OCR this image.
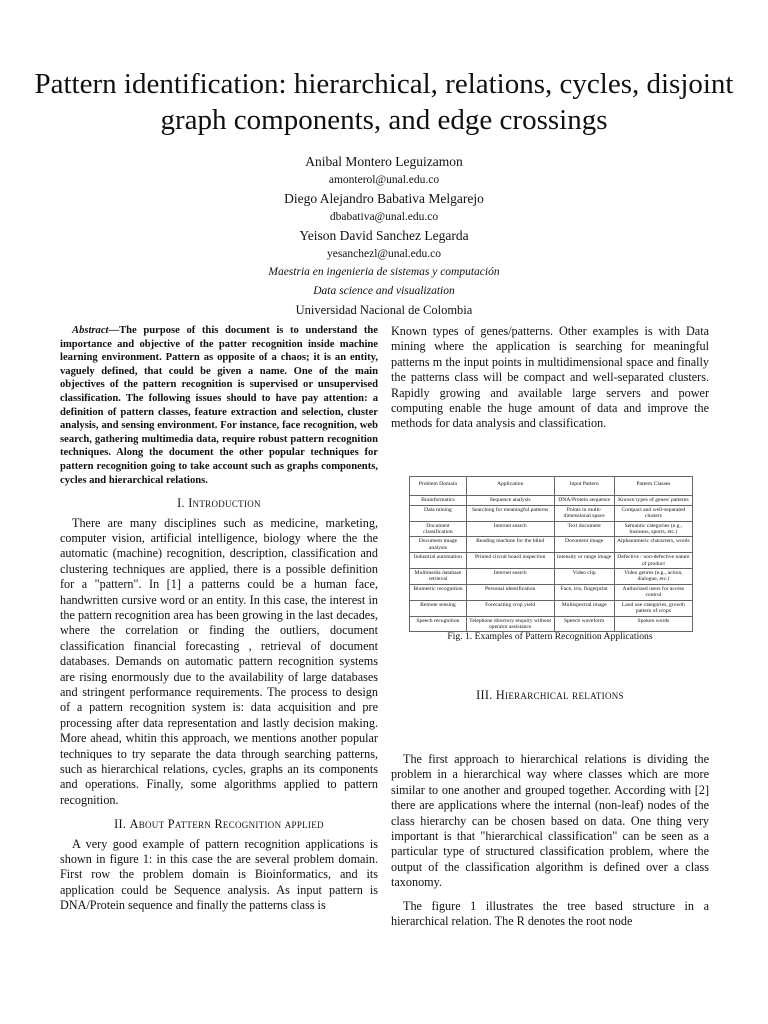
Pattern identification: hierarchical, relations, cycles, disjoint graph components, and edge crossings
Anibal Montero Leguizamon
amonterol@unal.edu.co
Diego Alejandro Babativa Melgarejo
dbabativa@unal.edu.co
Yeison David Sanchez Legarda
yesanchezl@unal.edu.co
Maestria en ingenieria de sistemas y computación
Data science and visualization
Universidad Nacional de Colombia

Abstract—The purpose of this document is to understand the importance and objective of the patter recognition inside machine learning environment. Pattern as opposite of a chaos; it is an entity, vaguely defined, that could be given a name. One of the main objectives of the pattern recognition is supervised or unsupervised classification. The following issues should to have pay attention: a definition of pattern classes, feature extraction and selection, cluster analysis, and sensing environment. For instance, face recognition, web search, gathering multimedia data, require robust pattern recognition techniques. Along the document the other popular techniques for pattern recognition going to take account such as graphs components, cycles and hierarchical relations.

I. Introduction

There are many disciplines such as medicine, marketing, computer vision, artificial intelligence, biology where the the automatic (machine) recognition, description, classification and clustering techniques are applied, there is a possible definition for a "pattern". In [1] a patterns could be a human face, handwritten cursive word or an entity. In this case, the interest in the pattern recognition area has been growing in the last decades, where the correlation or finding the outliers, document classification financial forecasting , retrieval of document databases. Demands on automatic pattern recognition systems are rising enormously due to the availability of large databases and stringent performance requirements. The process to design of a pattern recognition system is: data acquisition and pre processing after data representation and lastly decision making. More ahead, whitin this approach, we mentions another popular techniques to try separate the data through searching patterns, such as hierarchical relations, cycles, graphs an its components and operations. Finally, some algorithms applied to pattern recognition.

II. About Pattern Recognition applied

A very good example of pattern recognition applications is shown in figure 1: in this case the are several problem domain. First row the problem domain is Bioinformatics, and its application could be Sequence analysis. As input pattern is DNA/Protein sequence and finally the patterns class is

Known types of genes/patterns. Other examples is with Data mining where the application is searching for meaningful patterns m the input points in multidimensional space and finally the patterns class will be compact and well-separated clusters. Rapidly growing and available large servers and power computing enable the huge amount of data and improve the methods for data analysis and classification.

Problem Domain	Application	Input Pattern	Pattern Classes
Bioinformatics	Sequence analysis	DNA/Protein sequence	Known types of genes/ patterns
Data mining	Searching for meaningful patterns	Points in multi-dimensional space	Compact and well-separated clusters
Document classification	Internet search	Text document	Semantic categories (e.g., business, sports, etc.)
Document image analysis	Reading machine for the blind	Document image	Alphanumeric characters, words
Industrial automation	Printed circuit board inspection	Intensity or range image	Defective / non-defective nature of product
Multimedia database retrieval	Internet search	Video clip	Video genres (e.g., action, dialogue, etc.)
Biometric recognition	Personal identification	Face, iris, fingerprint	Authorized users for access control
Remote sensing	Forecasting crop yield	Multispectral image	Land use categories, growth pattern of crops
Speech recognition	Telephone directory enquiry without operator assistance	Speech waveform	Spoken words
Fig. 1. Examples of Pattern Recognition Applications
III. Hierarchical relations

The first approach to hierarchical relations is dividing the problem in a hierarchical way where classes which are more similar to one another and grouped together. According with [2] there are applications where the internal (non-leaf) nodes of the class hierarchy can be chosen based on data. One thing very important is that "hierarchical classification" can be seen as a particular type of structured classification problem, where the output of the classification algorithm is defined over a class taxonomy.

The figure 1 illustrates the tree based structure in a hierarchical relation. The R denotes the root node
